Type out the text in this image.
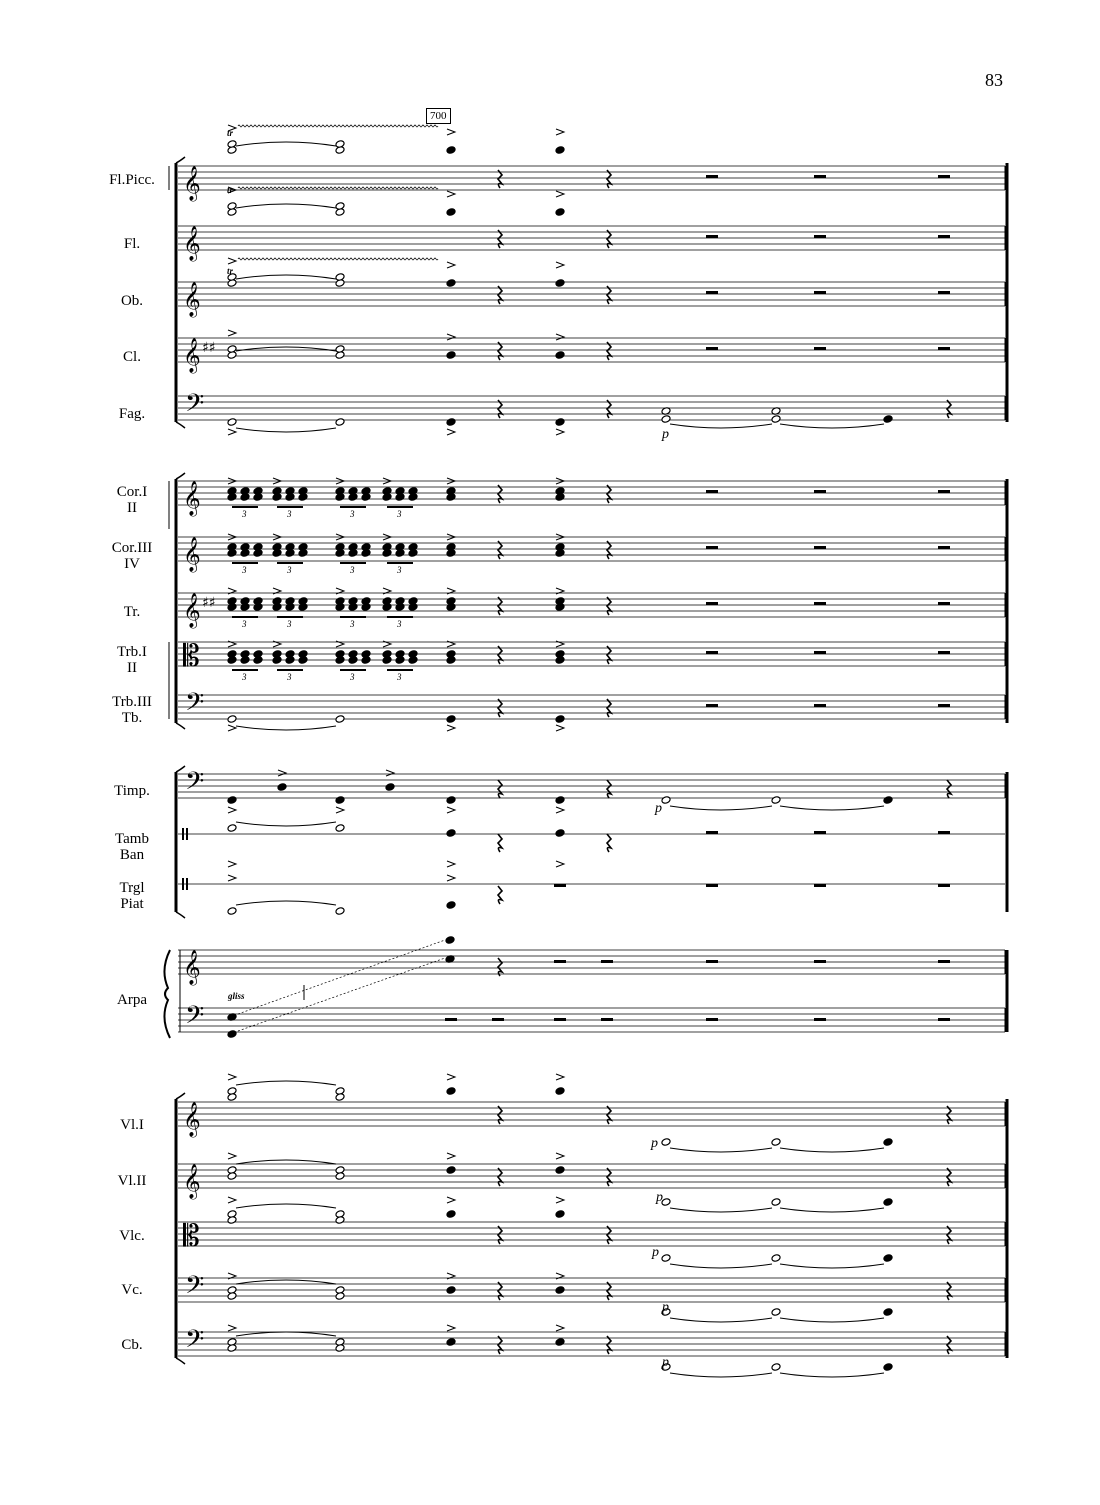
83
700
Fl.Picc.
Fl.
Ob.
Cl.
Fag.
Cor.I
II
Cor.III
IV
Tr.
Trb.I
II
Trb.III
Tb.
Timp.
Tamb
Ban
Trgl
Piat
Arpa
Vl.I
Vl.II
Vlc.
Vc.
Cb.
𝄞
𝄞
𝄞
𝄞
𝄢
𝄞
𝄞
𝄞
𝄡
𝄢
𝄢
𝄞
𝄢
𝄞
𝄞
𝄡
𝄢
𝄢
♯♯
♯♯
3	3	3	3
3	3	3	3
3	3	3	3
3	3	3	3
p
p
p
p
p
p
p
gliss
tr
tr
tr
